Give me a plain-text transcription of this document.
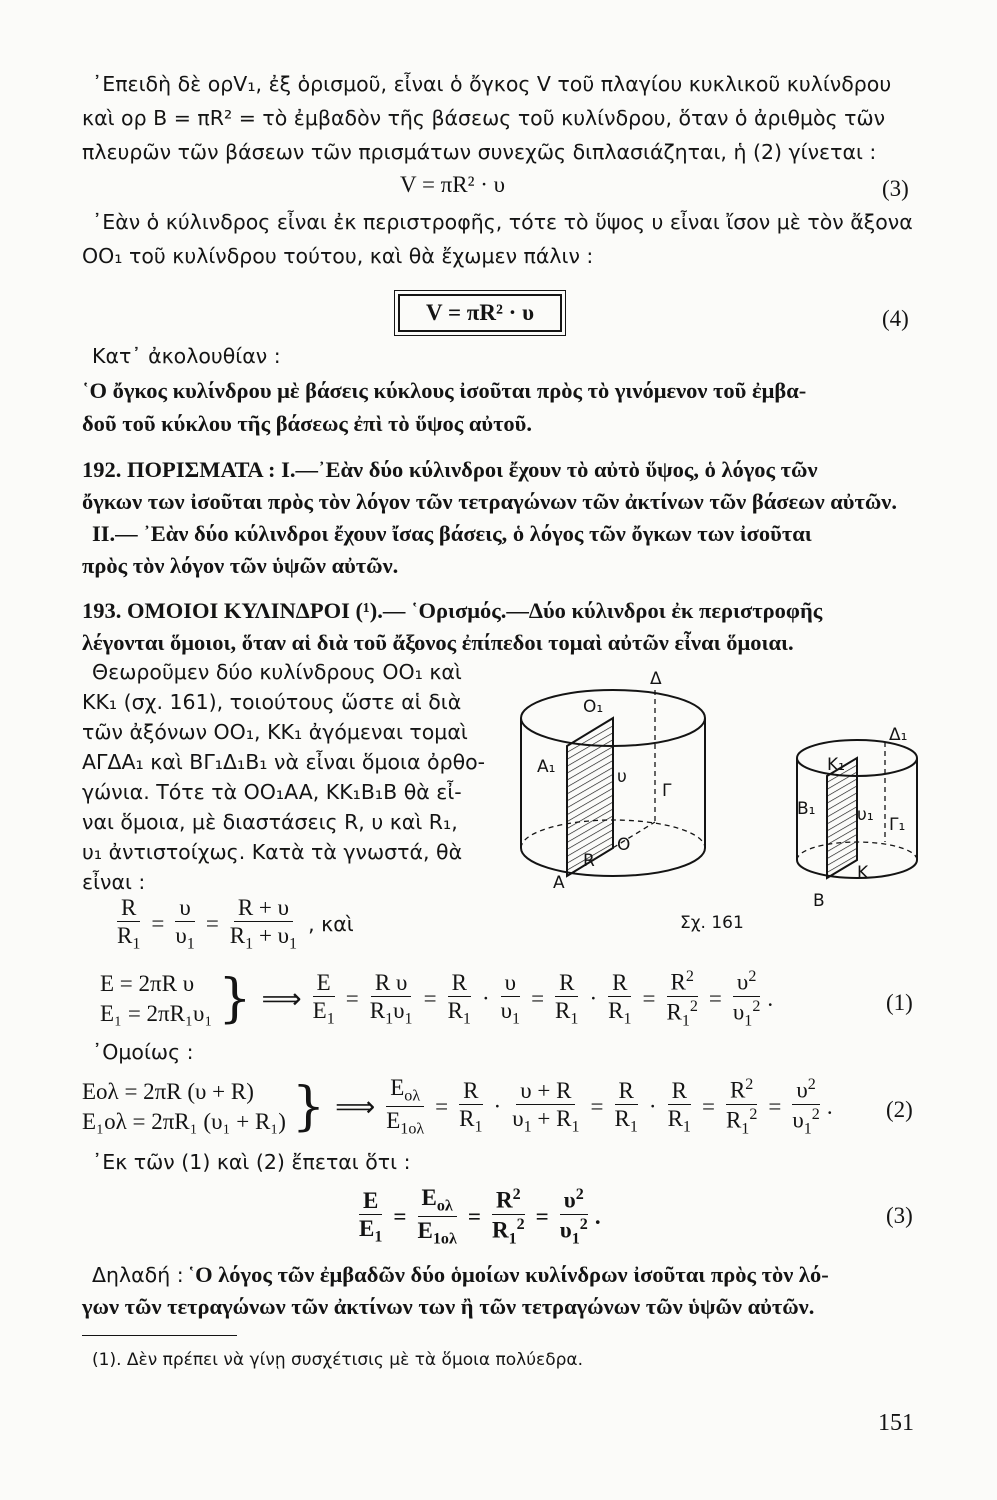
᾽Επειδὴ δὲ ορV₁, ἐξ ὁρισμοῦ, εἶναι ὁ ὄγκος V τοῦ πλαγίου κυκλικοῦ κυλίνδρου
καὶ ορ B = πR² = τὸ ἐμβαδὸν τῆς βάσεως τοῦ κυλίνδρου, ὅταν ὁ ἀριθμὸς τῶν
πλευρῶν τῶν βάσεων τῶν πρισμάτων συνεχῶς διπλασιάζηται, ἡ (2) γίνεται :
V = πR² · υ	(3)
᾽Εὰν ὁ κύλινδρος εἶναι ἐκ περιστροφῆς, τότε τὸ ὕψος υ εἶναι ἴσον μὲ τὸν ἄξονα
OO₁ τοῦ κυλίνδρου τούτου, καὶ θὰ ἔχωμεν πάλιν :
V = πR² · υ	(4)
Κατ᾽ ἀκολουθίαν :
῾Ο ὄγκος κυλίνδρου μὲ βάσεις κύκλους ἰσοῦται πρὸς τὸ γινόμενον τοῦ ἐμβα-
δοῦ τοῦ κύκλου τῆς βάσεως ἐπὶ τὸ ὕψος αὐτοῦ.
192. ΠΟΡΙΣΜΑΤΑ : I.—᾽Εὰν δύο κύλινδροι ἔχουν τὸ αὐτὸ ὕψος, ὁ λόγος τῶν
ὄγκων των ἰσοῦται πρὸς τὸν λόγον τῶν τετραγώνων τῶν ἀκτίνων τῶν βάσεων αὐτῶν.
II.— ᾽Εὰν δύο κύλινδροι ἔχουν ἴσας βάσεις, ὁ λόγος τῶν ὄγκων των ἰσοῦται
πρὸς τὸν λόγον τῶν ὑψῶν αὐτῶν.
193. ΟΜΟΙΟΙ ΚΥΛΙΝΔΡΟΙ (¹).— ῾Ορισμός.—Δύο κύλινδροι ἐκ περιστροφῆς
λέγονται ὅμοιοι, ὅταν αἱ διὰ τοῦ ἄξονος ἐπίπεδοι τομαὶ αὐτῶν εἶναι ὅμοιαι.
Θεωροῦμεν δύο κυλίνδρους OO₁ καὶ
KK₁ (σχ. 161), τοιούτους ὥστε αἱ διὰ
τῶν ἀξόνων OO₁, KK₁ ἀγόμεναι τομαὶ
ΑΓΔΑ₁ καὶ ΒΓ₁Δ₁Β₁ νὰ εἶναι ὅμοια ὀρθο-
γώνια. Τότε τὰ OO₁AA, KK₁B₁B θὰ εἶ-
ναι ὅμοια, μὲ διαστάσεις R, υ καὶ R₁,
υ₁ ἀντιστοίχως. Κατὰ τὰ γνωστά, θὰ
εἶναι :
Δ
O₁
A₁	υ
Γ
O
R
A
Δ₁
K₁
B₁ υ₁ Γ₁
K
B
Σχ. 161
$\frac{R}{R_1} = \frac{\upsilon}{\upsilon_1} = \frac{R + \upsilon}{R_1 + \upsilon_1}$ , καὶ
E = 2πR υ
E₁ = 2πR₁υ₁ } ⟹ $\frac{E}{E_1} = \frac{\text{R υ}}{R_1\upsilon_1} = \frac{R}{R_1} \cdot \frac{\upsilon}{\upsilon_1} = \frac{R}{R_1} \cdot \frac{R}{R_1} = \frac{R^2}{R_1^2} = \frac{\upsilon^2}{\upsilon_1^2}$ .	(1)
᾽Ομοίως :
Eολ = 2πR (υ + R)
E₁ολ = 2πR₁ (υ₁ + R₁) } ⟹ $\frac{E_{o\lambda}}{E_{1o\lambda}} = \frac{R}{R_1} \cdot \frac{\upsilon + R}{\upsilon_1 + R_1} = \frac{R}{R_1} \cdot \frac{R}{R_1} = \frac{R^2}{R_1^2} = \frac{\upsilon^2}{\upsilon_1^2}$ . (2)
᾽Εκ τῶν (1) καὶ (2) ἔπεται ὅτι :
$\frac{E}{E_1} = \frac{E_{o\lambda}}{E_{1o\lambda}} = \frac{R^2}{R_1^2} = \frac{\upsilon^2}{\upsilon_1^2}$ .	(3)
Δηλαδή : ῾Ο λόγος τῶν ἐμβαδῶν δύο ὁμοίων κυλίνδρων ἰσοῦται πρὸς τὸν λό-
γων τῶν τετραγώνων τῶν ἀκτίνων των ἢ τῶν τετραγώνων τῶν ὑψῶν αὐτῶν.
(1). Δὲν πρέπει νὰ γίνῃ συσχέτισις μὲ τὰ ὅμοια πολύεδρα.
151
